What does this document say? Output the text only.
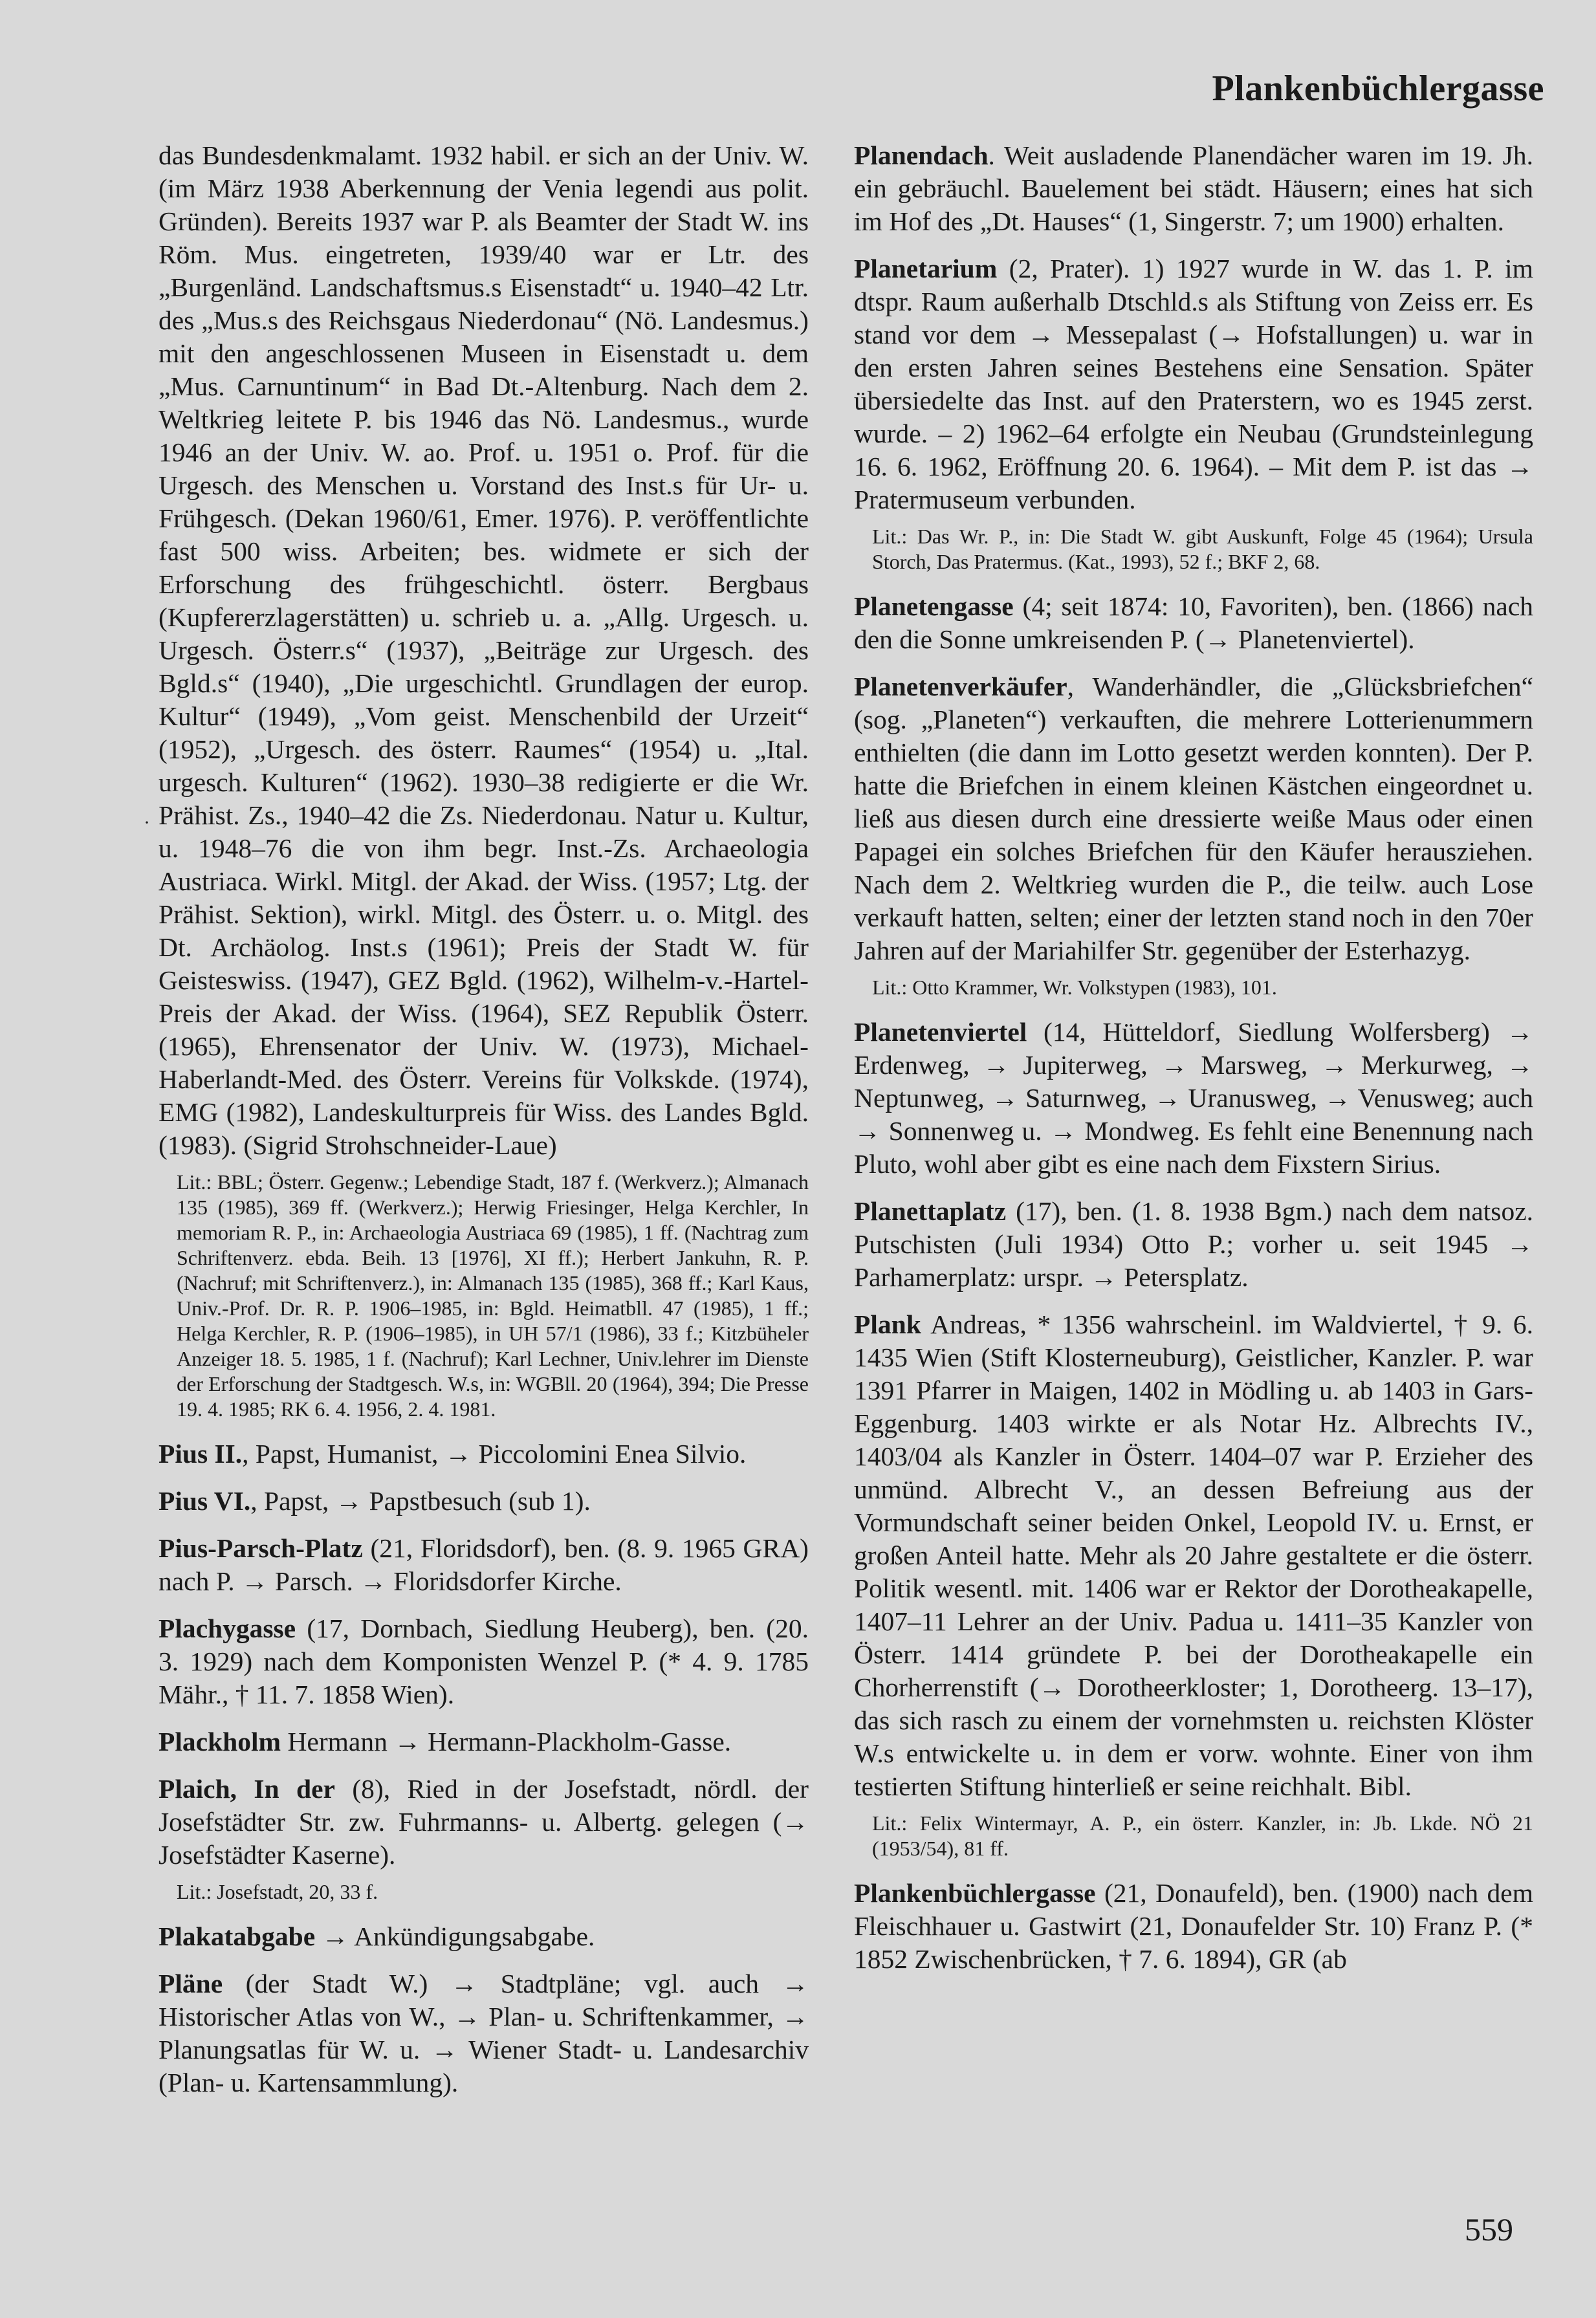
Plankenbüchlergasse
·

das Bundesdenkmalamt. 1932 habil. er sich an der Univ. W. (im März 1938 Aberkennung der Venia legendi aus polit. Gründen). Bereits 1937 war P. als Beamter der Stadt W. ins Röm. Mus. eingetreten, 1939/40 war er Ltr. des „Burgenländ. Landschaftsmus.s Eisenstadt“ u. 1940–42 Ltr. des „Mus.s des Reichsgaus Niederdonau“ (Nö. Landesmus.) mit den angeschlossenen Museen in Eisenstadt u. dem „Mus. Carnuntinum“ in Bad Dt.-Altenburg. Nach dem 2. Weltkrieg leitete P. bis 1946 das Nö. Landesmus., wurde 1946 an der Univ. W. ao. Prof. u. 1951 o. Prof. für die Urgesch. des Menschen u. Vorstand des Inst.s für Ur- u. Frühgesch. (Dekan 1960/61, Emer. 1976). P. veröffentlichte fast 500 wiss. Arbeiten; bes. widmete er sich der Erforschung des frühgeschichtl. österr. Bergbaus (Kupfererzlagerstätten) u. schrieb u. a. „Allg. Urgesch. u. Urgesch. Österr.s“ (1937), „Beiträge zur Urgesch. des Bgld.s“ (1940), „Die urgeschichtl. Grundlagen der europ. Kultur“ (1949), „Vom geist. Menschenbild der Urzeit“ (1952), „Urgesch. des österr. Raumes“ (1954) u. „Ital. urgesch. Kulturen“ (1962). 1930–38 redigierte er die Wr. Prähist. Zs., 1940–42 die Zs. Niederdonau. Natur u. Kultur, u. 1948–76 die von ihm begr. Inst.-Zs. Archaeologia Austriaca. Wirkl. Mitgl. der Akad. der Wiss. (1957; Ltg. der Prähist. Sektion), wirkl. Mitgl. des Österr. u. o. Mitgl. des Dt. Archäolog. Inst.s (1961); Preis der Stadt W. für Geisteswiss. (1947), GEZ Bgld. (1962), Wilhelm-v.-Hartel-Preis der Akad. der Wiss. (1964), SEZ Republik Österr. (1965), Ehrensenator der Univ. W. (1973), Michael-Haberlandt-Med. des Österr. Vereins für Volkskde. (1974), EMG (1982), Landeskulturpreis für Wiss. des Landes Bgld. (1983). (Sigrid Strohschneider-Laue)

Lit.: BBL; Österr. Gegenw.; Lebendige Stadt, 187 f. (Werkverz.); Almanach 135 (1985), 369 ff. (Werkverz.); Herwig Friesinger, Helga Kerchler, In memoriam R. P., in: Archaeologia Austriaca 69 (1985), 1 ff. (Nachtrag zum Schriftenverz. ebda. Beih. 13 [1976], XI ff.); Herbert Jankuhn, R. P. (Nachruf; mit Schriftenverz.), in: Almanach 135 (1985), 368 ff.; Karl Kaus, Univ.-Prof. Dr. R. P. 1906–1985, in: Bgld. Heimatbll. 47 (1985), 1 ff.; Helga Kerchler, R. P. (1906–1985), in UH 57/1 (1986), 33 f.; Kitzbüheler Anzeiger 18. 5. 1985, 1 f. (Nachruf); Karl Lechner, Univ.lehrer im Dienste der Erforschung der Stadtgesch. W.s, in: WGBll. 20 (1964), 394; Die Presse 19. 4. 1985; RK 6. 4. 1956, 2. 4. 1981.

Pius II., Papst, Humanist, → Piccolomini Enea Silvio.

Pius VI., Papst, → Papstbesuch (sub 1).

Pius-Parsch-Platz (21, Floridsdorf), ben. (8. 9. 1965 GRA) nach P. → Parsch. → Floridsdorfer Kirche.

Plachygasse (17, Dornbach, Siedlung Heuberg), ben. (20. 3. 1929) nach dem Komponisten Wenzel P. (* 4. 9. 1785 Mähr., † 11. 7. 1858 Wien).

Plackholm Hermann → Hermann-Plackholm-Gasse.

Plaich, In der (8), Ried in der Josefstadt, nördl. der Josefstädter Str. zw. Fuhrmanns- u. Albertg. gelegen (→ Josefstädter Kaserne).

Lit.: Josefstadt, 20, 33 f.

Plakatabgabe → Ankündigungsabgabe.

Pläne (der Stadt W.) → Stadtpläne; vgl. auch → Historischer Atlas von W., → Plan- u. Schriftenkammer, → Planungsatlas für W. u. → Wiener Stadt- u. Landesarchiv (Plan- u. Kartensammlung).

Planendach. Weit ausladende Planendächer waren im 19. Jh. ein gebräuchl. Bauelement bei städt. Häusern; eines hat sich im Hof des „Dt. Hauses“ (1, Singerstr. 7; um 1900) erhalten.

Planetarium (2, Prater). 1) 1927 wurde in W. das 1. P. im dtspr. Raum außerhalb Dtschld.s als Stiftung von Zeiss err. Es stand vor dem → Messepalast (→ Hofstallungen) u. war in den ersten Jahren seines Bestehens eine Sensation. Später übersiedelte das Inst. auf den Praterstern, wo es 1945 zerst. wurde. – 2) 1962–64 erfolgte ein Neubau (Grundsteinlegung 16. 6. 1962, Eröffnung 20. 6. 1964). – Mit dem P. ist das → Pratermuseum verbunden.

Lit.: Das Wr. P., in: Die Stadt W. gibt Auskunft, Folge 45 (1964); Ursula Storch, Das Pratermus. (Kat., 1993), 52 f.; BKF 2, 68.

Planetengasse (4; seit 1874: 10, Favoriten), ben. (1866) nach den die Sonne umkreisenden P. (→ Planetenviertel).

Planetenverkäufer, Wanderhändler, die „Glücksbriefchen“ (sog. „Planeten“) verkauften, die mehrere Lotterienummern enthielten (die dann im Lotto gesetzt werden konnten). Der P. hatte die Briefchen in einem kleinen Kästchen eingeordnet u. ließ aus diesen durch eine dressierte weiße Maus oder einen Papagei ein solches Briefchen für den Käufer herausziehen. Nach dem 2. Weltkrieg wurden die P., die teilw. auch Lose verkauft hatten, selten; einer der letzten stand noch in den 70er Jahren auf der Mariahilfer Str. gegenüber der Esterhazyg.

Lit.: Otto Krammer, Wr. Volkstypen (1983), 101.

Planetenviertel (14, Hütteldorf, Siedlung Wolfersberg) → Erdenweg, → Jupiterweg, → Marsweg, → Merkurweg, → Neptunweg, → Saturnweg, → Uranusweg, → Venusweg; auch → Sonnenweg u. → Mondweg. Es fehlt eine Benennung nach Pluto, wohl aber gibt es eine nach dem Fixstern Sirius.

Planettaplatz (17), ben. (1. 8. 1938 Bgm.) nach dem natsoz. Putschisten (Juli 1934) Otto P.; vorher u. seit 1945 → Parhamerplatz: urspr. → Petersplatz.

Plank Andreas, * 1356 wahrscheinl. im Waldviertel, † 9. 6. 1435 Wien (Stift Klosterneuburg), Geistlicher, Kanzler. P. war 1391 Pfarrer in Maigen, 1402 in Mödling u. ab 1403 in Gars-Eggenburg. 1403 wirkte er als Notar Hz. Albrechts IV., 1403/04 als Kanzler in Österr. 1404–07 war P. Erzieher des unmünd. Albrecht V., an dessen Befreiung aus der Vormundschaft seiner beiden Onkel, Leopold IV. u. Ernst, er großen Anteil hatte. Mehr als 20 Jahre gestaltete er die österr. Politik wesentl. mit. 1406 war er Rektor der Dorotheakapelle, 1407–11 Lehrer an der Univ. Padua u. 1411–35 Kanzler von Österr. 1414 gründete P. bei der Dorotheakapelle ein Chorherrenstift (→ Dorotheerkloster; 1, Dorotheerg. 13–17), das sich rasch zu einem der vornehmsten u. reichsten Klöster W.s entwickelte u. in dem er vorw. wohnte. Einer von ihm testierten Stiftung hinterließ er seine reichhalt. Bibl.

Lit.: Felix Wintermayr, A. P., ein österr. Kanzler, in: Jb. Lkde. NÖ 21 (1953/54), 81 ff.

Plankenbüchlergasse (21, Donaufeld), ben. (1900) nach dem Fleischhauer u. Gastwirt (21, Donaufelder Str. 10) Franz P. (* 1852 Zwischenbrücken, † 7. 6. 1894), GR (ab

559
